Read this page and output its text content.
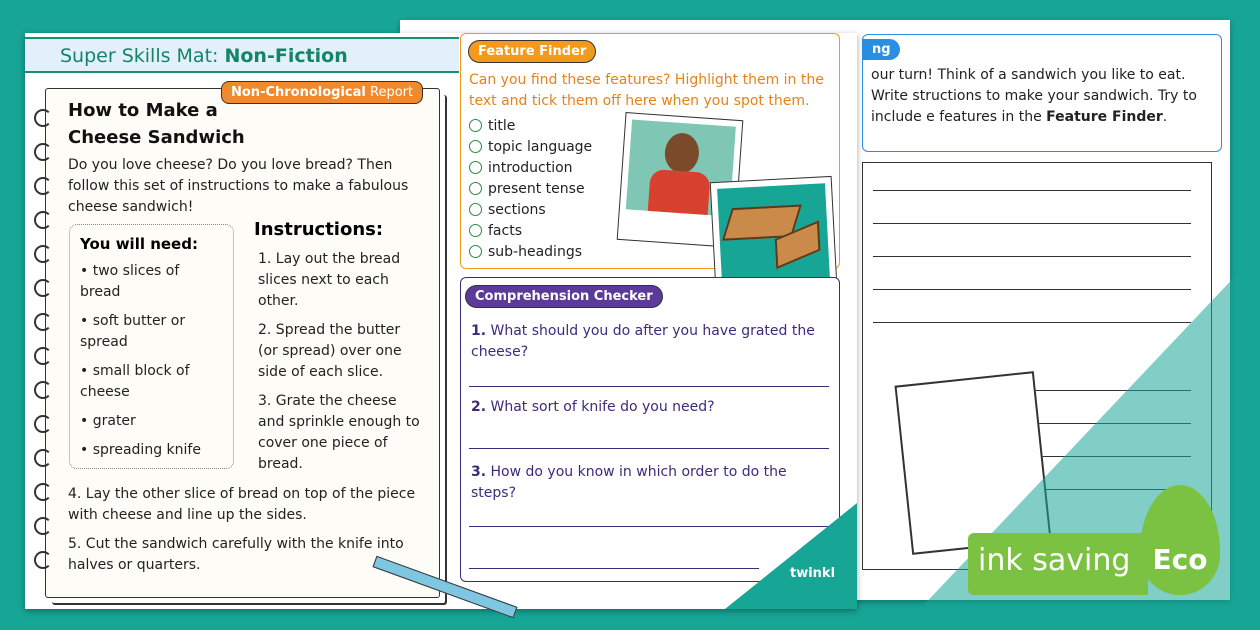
ng
our turn! Think of a sandwich you like to eat. Write structions to make your sandwich. Try to include e features in the Feature Finder.
Super Skills Mat: Non-Fiction
Non-Chronological Report
How to Make a
Cheese Sandwich
Do you love cheese? Do you love bread? Then follow this set of instructions to make a fabulous cheese sandwich!
You will need:
• two slices of bread
• soft butter or spread
• small block of cheese
• grater
• spreading knife
Instructions:
1. Lay out the bread slices next to each other.
2. Spread the butter (or spread) over one side of each slice.
3. Grate the cheese and sprinkle enough to cover one piece of bread.
4. Lay the other slice of bread on top of the piece with cheese and line up the sides.
5. Cut the sandwich carefully with the knife into halves or quarters.
Feature Finder
Can you find these features? Highlight them in the text and tick them off here when you spot them.
title
topic language
introduction
present tense
sections
facts
sub-headings
Comprehension Checker
1. What should you do after you have grated the cheese?
2. What sort of knife do you need?
3. How do you know in which order to do the steps?
twinkl	ink saving Eco
